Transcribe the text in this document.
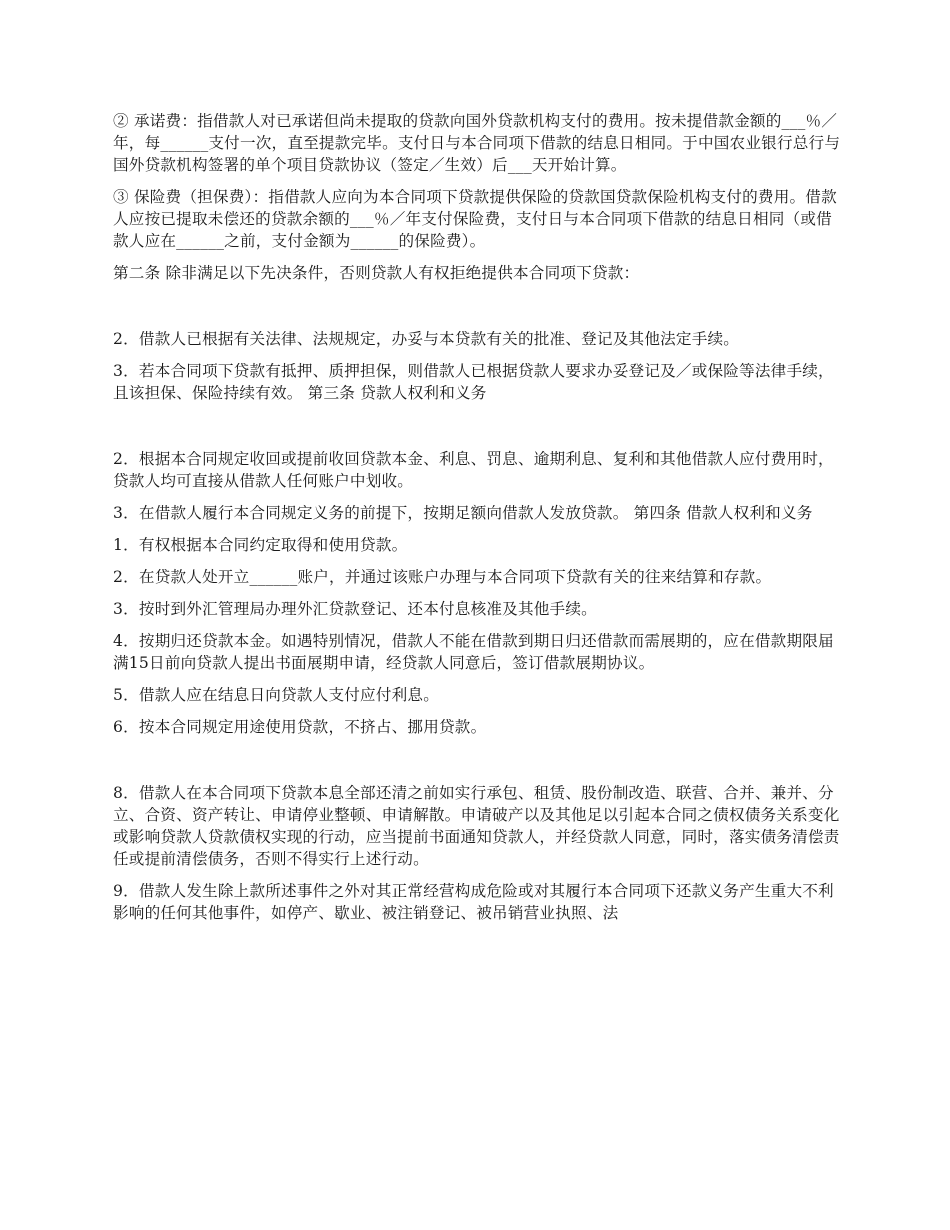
② 承诺费：指借款人对已承诺但尚未提取的贷款向国外贷款机构支付的费用。按未提借款金额的___％／年，每______支付一次，直至提款完毕。支付日与本合同项下借款的结息日相同。于中国农业银行总行与国外贷款机构签署的单个项目贷款协议（签定／生效）后___天开始计算。

③ 保险费（担保费）：指借款人应向为本合同项下贷款提供保险的贷款国贷款保险机构支付的费用。借款人应按已提取未偿还的贷款余额的___％／年支付保险费，支付日与本合同项下借款的结息日相同（或借款人应在______之前，支付金额为______的保险费）。

第二条 除非满足以下先决条件，否则贷款人有权拒绝提供本合同项下贷款：

2．借款人已根据有关法律、法规规定，办妥与本贷款有关的批准、登记及其他法定手续。

3．若本合同项下贷款有抵押、质押担保，则借款人已根据贷款人要求办妥登记及／或保险等法律手续，且该担保、保险持续有效。 第三条 贷款人权利和义务

2．根据本合同规定收回或提前收回贷款本金、利息、罚息、逾期利息、复利和其他借款人应付费用时，贷款人均可直接从借款人任何账户中划收。

3．在借款人履行本合同规定义务的前提下，按期足额向借款人发放贷款。 第四条 借款人权利和义务

1．有权根据本合同约定取得和使用贷款。

2．在贷款人处开立______账户，并通过该账户办理与本合同项下贷款有关的往来结算和存款。

3．按时到外汇管理局办理外汇贷款登记、还本付息核准及其他手续。

4．按期归还贷款本金。如遇特别情况，借款人不能在借款到期日归还借款而需展期的，应在借款期限届满15日前向贷款人提出书面展期申请，经贷款人同意后，签订借款展期协议。

5．借款人应在结息日向贷款人支付应付利息。

6．按本合同规定用途使用贷款，不挤占、挪用贷款。

8．借款人在本合同项下贷款本息全部还清之前如实行承包、租赁、股份制改造、联营、合并、兼并、分立、合资、资产转让、申请停业整顿、申请解散。申请破产以及其他足以引起本合同之债权债务关系变化或影响贷款人贷款债权实现的行动，应当提前书面通知贷款人，并经贷款人同意，同时，落实债务清偿责任或提前清偿债务，否则不得实行上述行动。

9．借款人发生除上款所述事件之外对其正常经营构成危险或对其履行本合同项下还款义务产生重大不利影响的任何其他事件，如停产、歇业、被注销登记、被吊销营业执照、法
